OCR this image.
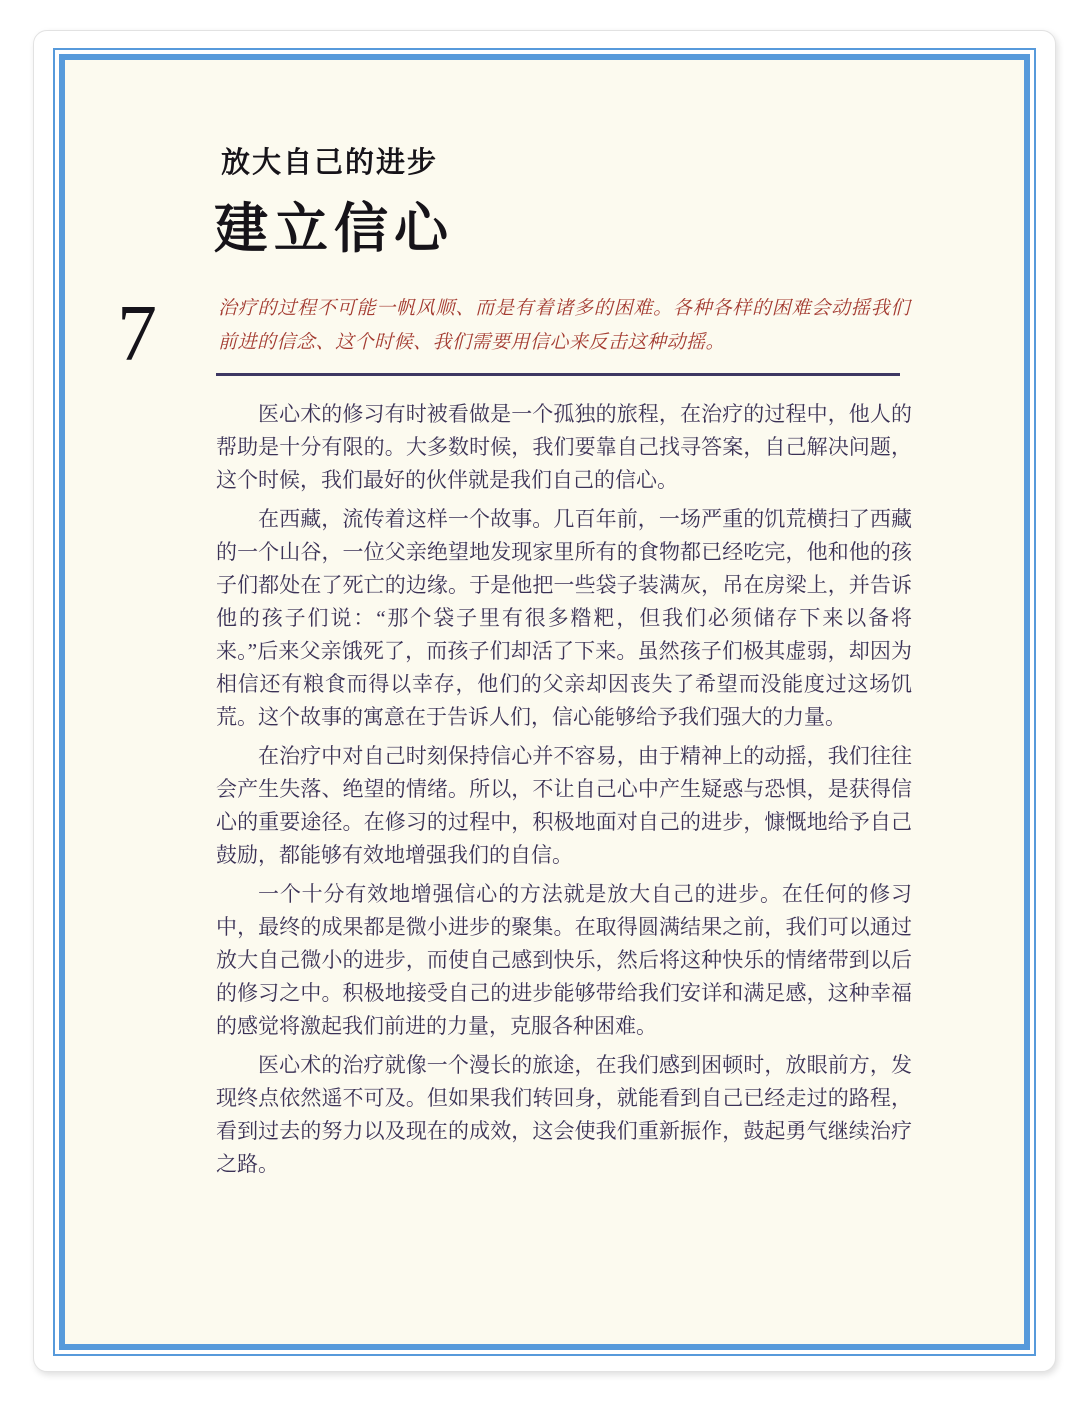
放大自己的进步
建立信心
7	治疗的过程不可能一帆风顺、而是有着诸多的困难。各种各样的困难会动摇我们前进的信念、这个时候、我们需要用信心来反击这种动摇。

医心术的修习有时被看做是一个孤独的旅程，在治疗的过程中，他人的帮助是十分有限的。大多数时候，我们要靠自己找寻答案，自己解决问题，这个时候，我们最好的伙伴就是我们自己的信心。

在西藏，流传着这样一个故事。几百年前，一场严重的饥荒横扫了西藏的一个山谷，一位父亲绝望地发现家里所有的食物都已经吃完，他和他的孩子们都处在了死亡的边缘。于是他把一些袋子装满灰，吊在房梁上，并告诉他的孩子们说：“那个袋子里有很多糌粑，但我们必须储存下来以备将来。”后来父亲饿死了，而孩子们却活了下来。虽然孩子们极其虚弱，却因为相信还有粮食而得以幸存，他们的父亲却因丧失了希望而没能度过这场饥荒。这个故事的寓意在于告诉人们，信心能够给予我们强大的力量。

在治疗中对自己时刻保持信心并不容易，由于精神上的动摇，我们往往会产生失落、绝望的情绪。所以，不让自己心中产生疑惑与恐惧，是获得信心的重要途径。在修习的过程中，积极地面对自己的进步，慷慨地给予自己鼓励，都能够有效地增强我们的自信。

一个十分有效地增强信心的方法就是放大自己的进步。在任何的修习中，最终的成果都是微小进步的聚集。在取得圆满结果之前，我们可以通过放大自己微小的进步，而使自己感到快乐，然后将这种快乐的情绪带到以后的修习之中。积极地接受自己的进步能够带给我们安详和满足感，这种幸福的感觉将激起我们前进的力量，克服各种困难。

医心术的治疗就像一个漫长的旅途，在我们感到困顿时，放眼前方，发现终点依然遥不可及。但如果我们转回身，就能看到自己已经走过的路程，看到过去的努力以及现在的成效，这会使我们重新振作，鼓起勇气继续治疗之路。
